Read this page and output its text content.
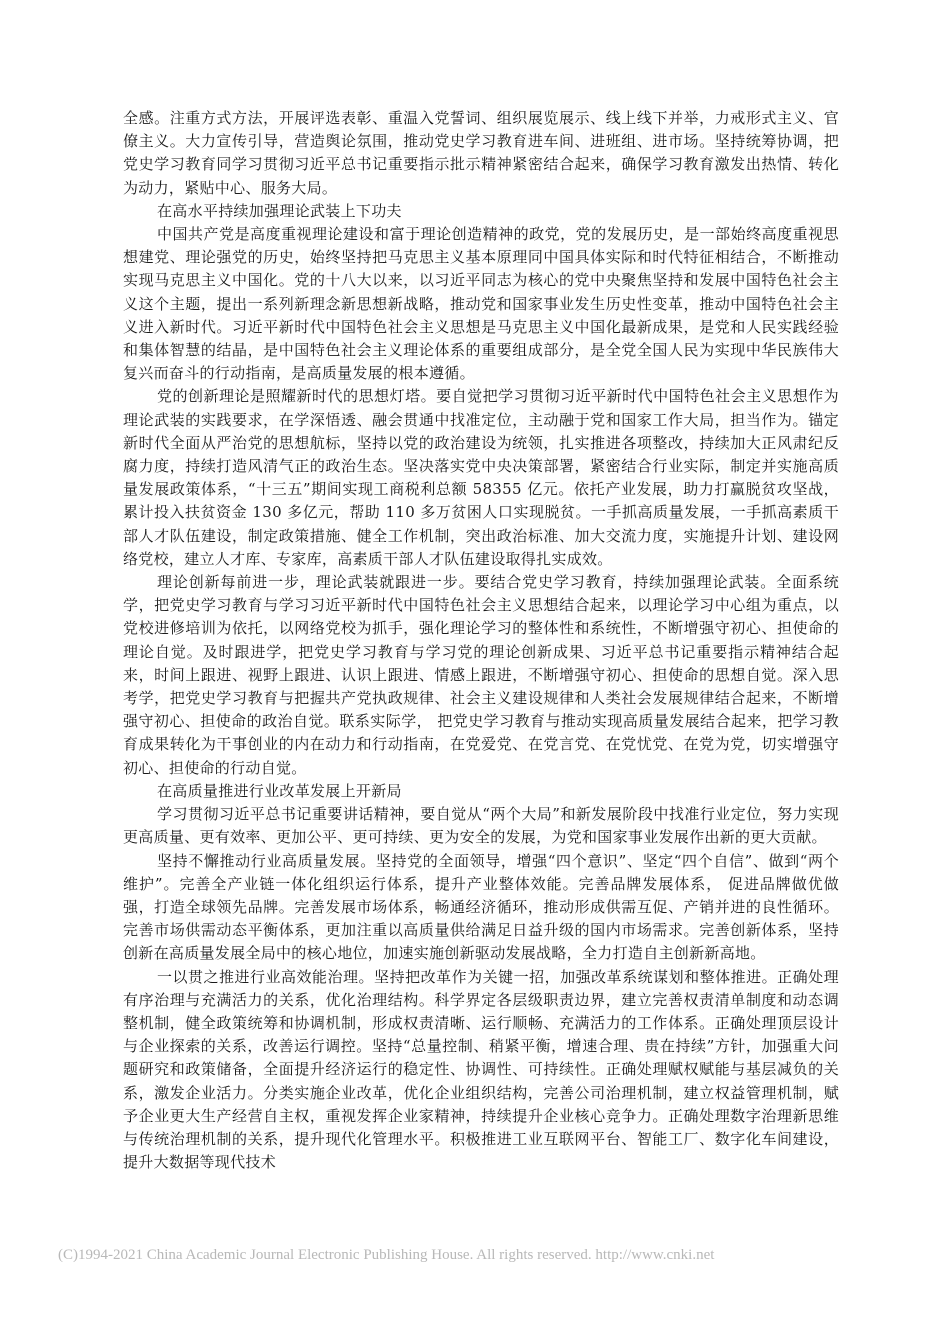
全感。注重方式方法，开展评选表彰、重温入党誓词、组织展览展示、线上线下并举，力戒形式主义、官僚主义。大力宣传引导，营造舆论氛围，推动党史学习教育进车间、进班组、进市场。坚持统筹协调，把党史学习教育同学习贯彻习近平总书记重要指示批示精神紧密结合起来，确保学习教育激发出热情、转化为动力，紧贴中心、服务大局。

在高水平持续加强理论武装上下功夫

中国共产党是高度重视理论建设和富于理论创造精神的政党，党的发展历史，是一部始终高度重视思想建党、理论强党的历史，始终坚持把马克思主义基本原理同中国具体实际和时代特征相结合，不断推动实现马克思主义中国化。党的十八大以来，以习近平同志为核心的党中央聚焦坚持和发展中国特色社会主义这个主题，提出一系列新理念新思想新战略，推动党和国家事业发生历史性变革，推动中国特色社会主义进入新时代。习近平新时代中国特色社会主义思想是马克思主义中国化最新成果，是党和人民实践经验和集体智慧的结晶，是中国特色社会主义理论体系的重要组成部分，是全党全国人民为实现中华民族伟大复兴而奋斗的行动指南，是高质量发展的根本遵循。

党的创新理论是照耀新时代的思想灯塔。要自觉把学习贯彻习近平新时代中国特色社会主义思想作为理论武装的实践要求，在学深悟透、融会贯通中找准定位，主动融于党和国家工作大局，担当作为。锚定新时代全面从严治党的思想航标，坚持以党的政治建设为统领，扎实推进各项整改，持续加大正风肃纪反腐力度，持续打造风清气正的政治生态。坚决落实党中央决策部署，紧密结合行业实际，制定并实施高质量发展政策体系，“十三五”期间实现工商税利总额 58355 亿元。依托产业发展，助力打赢脱贫攻坚战，累计投入扶贫资金 130 多亿元，帮助 110 多万贫困人口实现脱贫。一手抓高质量发展，一手抓高素质干部人才队伍建设，制定政策措施、健全工作机制，突出政治标准、加大交流力度，实施提升计划、建设网络党校，建立人才库、专家库，高素质干部人才队伍建设取得扎实成效。

理论创新每前进一步，理论武装就跟进一步。要结合党史学习教育，持续加强理论武装。全面系统学，把党史学习教育与学习习近平新时代中国特色社会主义思想结合起来，以理论学习中心组为重点，以党校进修培训为依托，以网络党校为抓手，强化理论学习的整体性和系统性，不断增强守初心、担使命的理论自觉。及时跟进学，把党史学习教育与学习党的理论创新成果、习近平总书记重要指示精神结合起来，时间上跟进、视野上跟进、认识上跟进、情感上跟进，不断增强守初心、担使命的思想自觉。深入思考学，把党史学习教育与把握共产党执政规律、社会主义建设规律和人类社会发展规律结合起来，不断增强守初心、担使命的政治自觉。联系实际学， 把党史学习教育与推动实现高质量发展结合起来，把学习教育成果转化为干事创业的内在动力和行动指南，在党爱党、在党言党、在党忧党、在党为党，切实增强守初心、担使命的行动自觉。

在高质量推进行业改革发展上开新局

学习贯彻习近平总书记重要讲话精神，要自觉从“两个大局”和新发展阶段中找准行业定位，努力实现更高质量、更有效率、更加公平、更可持续、更为安全的发展，为党和国家事业发展作出新的更大贡献。

坚持不懈推动行业高质量发展。坚持党的全面领导，增强“四个意识”、坚定“四个自信”、做到“两个维护”。完善全产业链一体化组织运行体系，提升产业整体效能。完善品牌发展体系， 促进品牌做优做强，打造全球领先品牌。完善发展市场体系，畅通经济循环，推动形成供需互促、产销并进的良性循环。完善市场供需动态平衡体系，更加注重以高质量供给满足日益升级的国内市场需求。完善创新体系，坚持创新在高质量发展全局中的核心地位，加速实施创新驱动发展战略，全力打造自主创新新高地。

一以贯之推进行业高效能治理。坚持把改革作为关键一招，加强改革系统谋划和整体推进。正确处理有序治理与充满活力的关系，优化治理结构。科学界定各层级职责边界，建立完善权责清单制度和动态调整机制，健全政策统筹和协调机制，形成权责清晰、运行顺畅、充满活力的工作体系。正确处理顶层设计与企业探索的关系，改善运行调控。坚持“总量控制、稍紧平衡，增速合理、贵在持续”方针，加强重大问题研究和政策储备，全面提升经济运行的稳定性、协调性、可持续性。正确处理赋权赋能与基层减负的关系，激发企业活力。分类实施企业改革，优化企业组织结构，完善公司治理机制，建立权益管理机制，赋予企业更大生产经营自主权，重视发挥企业家精神，持续提升企业核心竞争力。正确处理数字治理新思维与传统治理机制的关系，提升现代化管理水平。积极推进工业互联网平台、智能工厂、数字化车间建设，提升大数据等现代技术

(C)1994-2021 China Academic Journal Electronic Publishing House. All rights reserved. http://www.cnki.net
